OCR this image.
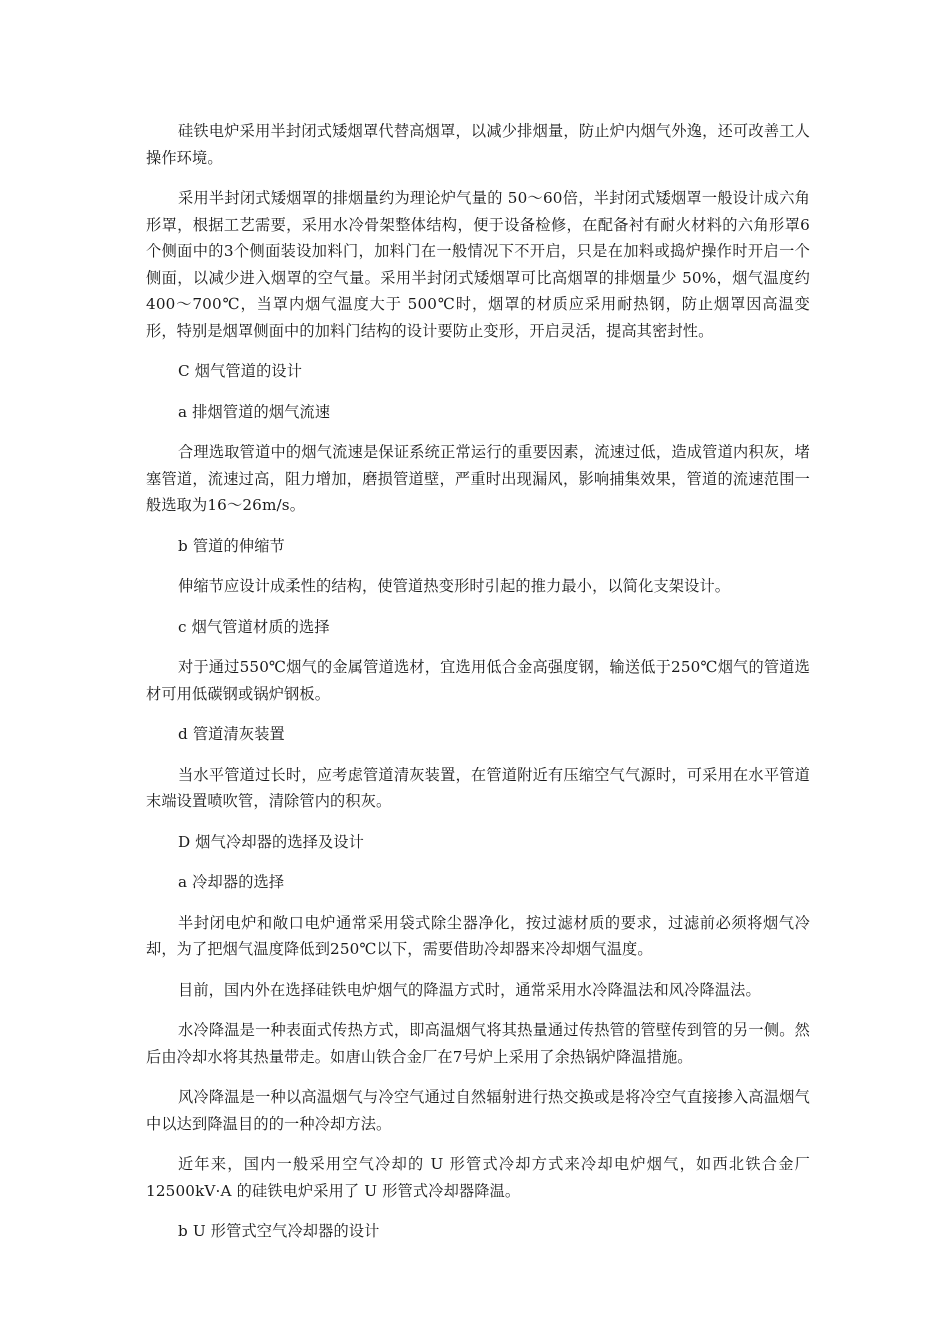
硅铁电炉采用半封闭式矮烟罩代替高烟罩，以减少排烟量，防止炉内烟气外逸，还可改善工人操作环境。

采用半封闭式矮烟罩的排烟量约为理论炉气量的 50～60倍，半封闭式矮烟罩一般设计成六角形罩，根据工艺需要，采用水冷骨架整体结构，便于设备检修，在配备衬有耐火材料的六角形罩6个侧面中的3个侧面装设加料门，加料门在一般情况下不开启，只是在加料或捣炉操作时开启一个侧面，以减少进入烟罩的空气量。采用半封闭式矮烟罩可比高烟罩的排烟量少 50%，烟气温度约400～700℃，当罩内烟气温度大于 500℃时，烟罩的材质应采用耐热钢，防止烟罩因高温变形，特别是烟罩侧面中的加料门结构的设计要防止变形，开启灵活，提高其密封性。

C 烟气管道的设计

a 排烟管道的烟气流速

合理选取管道中的烟气流速是保证系统正常运行的重要因素，流速过低，造成管道内积灰，堵塞管道，流速过高，阻力增加，磨损管道壁，严重时出现漏风，影响捕集效果，管道的流速范围一般选取为16～26m/s。

b 管道的伸缩节

伸缩节应设计成柔性的结构，使管道热变形时引起的推力最小，以简化支架设计。

c 烟气管道材质的选择

对于通过550℃烟气的金属管道选材，宜选用低合金高强度钢，输送低于250℃烟气的管道选材可用低碳钢或锅炉钢板。

d 管道清灰装置

当水平管道过长时，应考虑管道清灰装置，在管道附近有压缩空气气源时，可采用在水平管道末端设置喷吹管，清除管内的积灰。

D 烟气冷却器的选择及设计

a 冷却器的选择

半封闭电炉和敞口电炉通常采用袋式除尘器净化，按过滤材质的要求，过滤前必须将烟气冷却，为了把烟气温度降低到250℃以下，需要借助冷却器来冷却烟气温度。

目前，国内外在选择硅铁电炉烟气的降温方式时，通常采用水冷降温法和风冷降温法。

水冷降温是一种表面式传热方式，即高温烟气将其热量通过传热管的管壁传到管的另一侧。然后由冷却水将其热量带走。如唐山铁合金厂在7号炉上采用了余热锅炉降温措施。

风冷降温是一种以高温烟气与冷空气通过自然辐射进行热交换或是将冷空气直接掺入高温烟气中以达到降温目的的一种冷却方法。

近年来，国内一般采用空气冷却的 U 形管式冷却方式来冷却电炉烟气，如西北铁合金厂12500kV·A 的硅铁电炉采用了 U 形管式冷却器降温。

b U 形管式空气冷却器的设计
